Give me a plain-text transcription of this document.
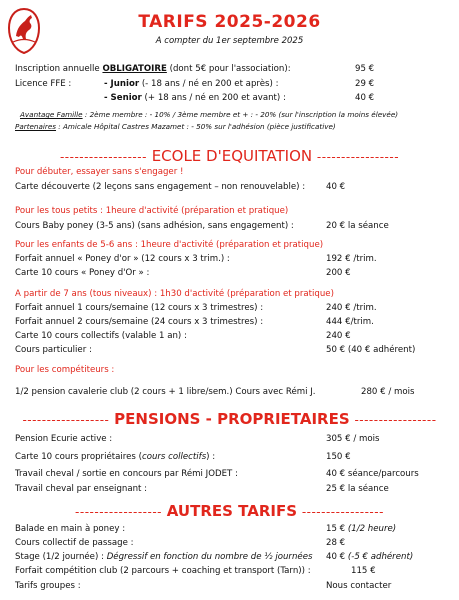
TARIFS 2025-2026
A compter du 1er septembre 2025
Inscription annuelle OBLIGATOIRE (dont 5€ pour l'association):	95 €
Licence FFE :	- Junior (- 18 ans / né en 200 et après) :	29 €
- Senior (+ 18 ans / né en 200 et avant) :	40 €
Avantage Famille : 2ème membre : - 10% / 3ème membre et + : - 20% (sur l'inscription la moins élevée)
Partenaires : Amicale Hôpital Castres Mazamet : - 50% sur l'adhésion (pièce justificative)
------------------ ECOLE D'EQUITATION -----------------
Pour débuter, essayer sans s'engager !
Carte découverte (2 leçons sans engagement – non renouvelable) : 40 €
Pour les tous petits : 1heure d'activité (préparation et pratique)
Cours Baby poney (3-5 ans) (sans adhésion, sans engagement) :	20 € la séance
Pour les enfants de 5-6 ans : 1heure d'activité (préparation et pratique)
Forfait annuel « Poney d'or » (12 cours x 3 trim.) :	192 € /trim.
Carte 10 cours « Poney d'Or » :	200 €
A partir de 7 ans (tous niveaux) : 1h30 d'activité (préparation et pratique)
Forfait annuel 1 cours/semaine (12 cours x 3 trimestres) :	240 € /trim.
Forfait annuel 2 cours/semaine (24 cours x 3 trimestres) :	444 €/trim.
Carte 10 cours collectifs (valable 1 an) :	240 €
Cours particulier :	50 € (40 € adhérent)
Pour les compétiteurs :
1/2 pension cavalerie club (2 cours + 1 libre/sem.) Cours avec Rémi J.	280 € / mois
------------------ PENSIONS - PROPRIETAIRES -----------------
Pension Ecurie active :	305 € / mois
Carte 10 cours propriétaires (cours collectifs) :	150 €
Travail cheval / sortie en concours par Rémi JODET :	40 € séance/parcours
Travail cheval par enseignant :	25 € la séance
------------------ AUTRES TARIFS -----------------
Balade en main à poney :	15 € (1/2 heure)
Cours collectif de passage :	28 €
Stage (1/2 journée) : Dégressif en fonction du nombre de ½ journées 40 € (-5 € adhérent)
Forfait compétition club (2 parcours + coaching et transport (Tarn)) :	115 €
Tarifs groupes :	Nous contacter
